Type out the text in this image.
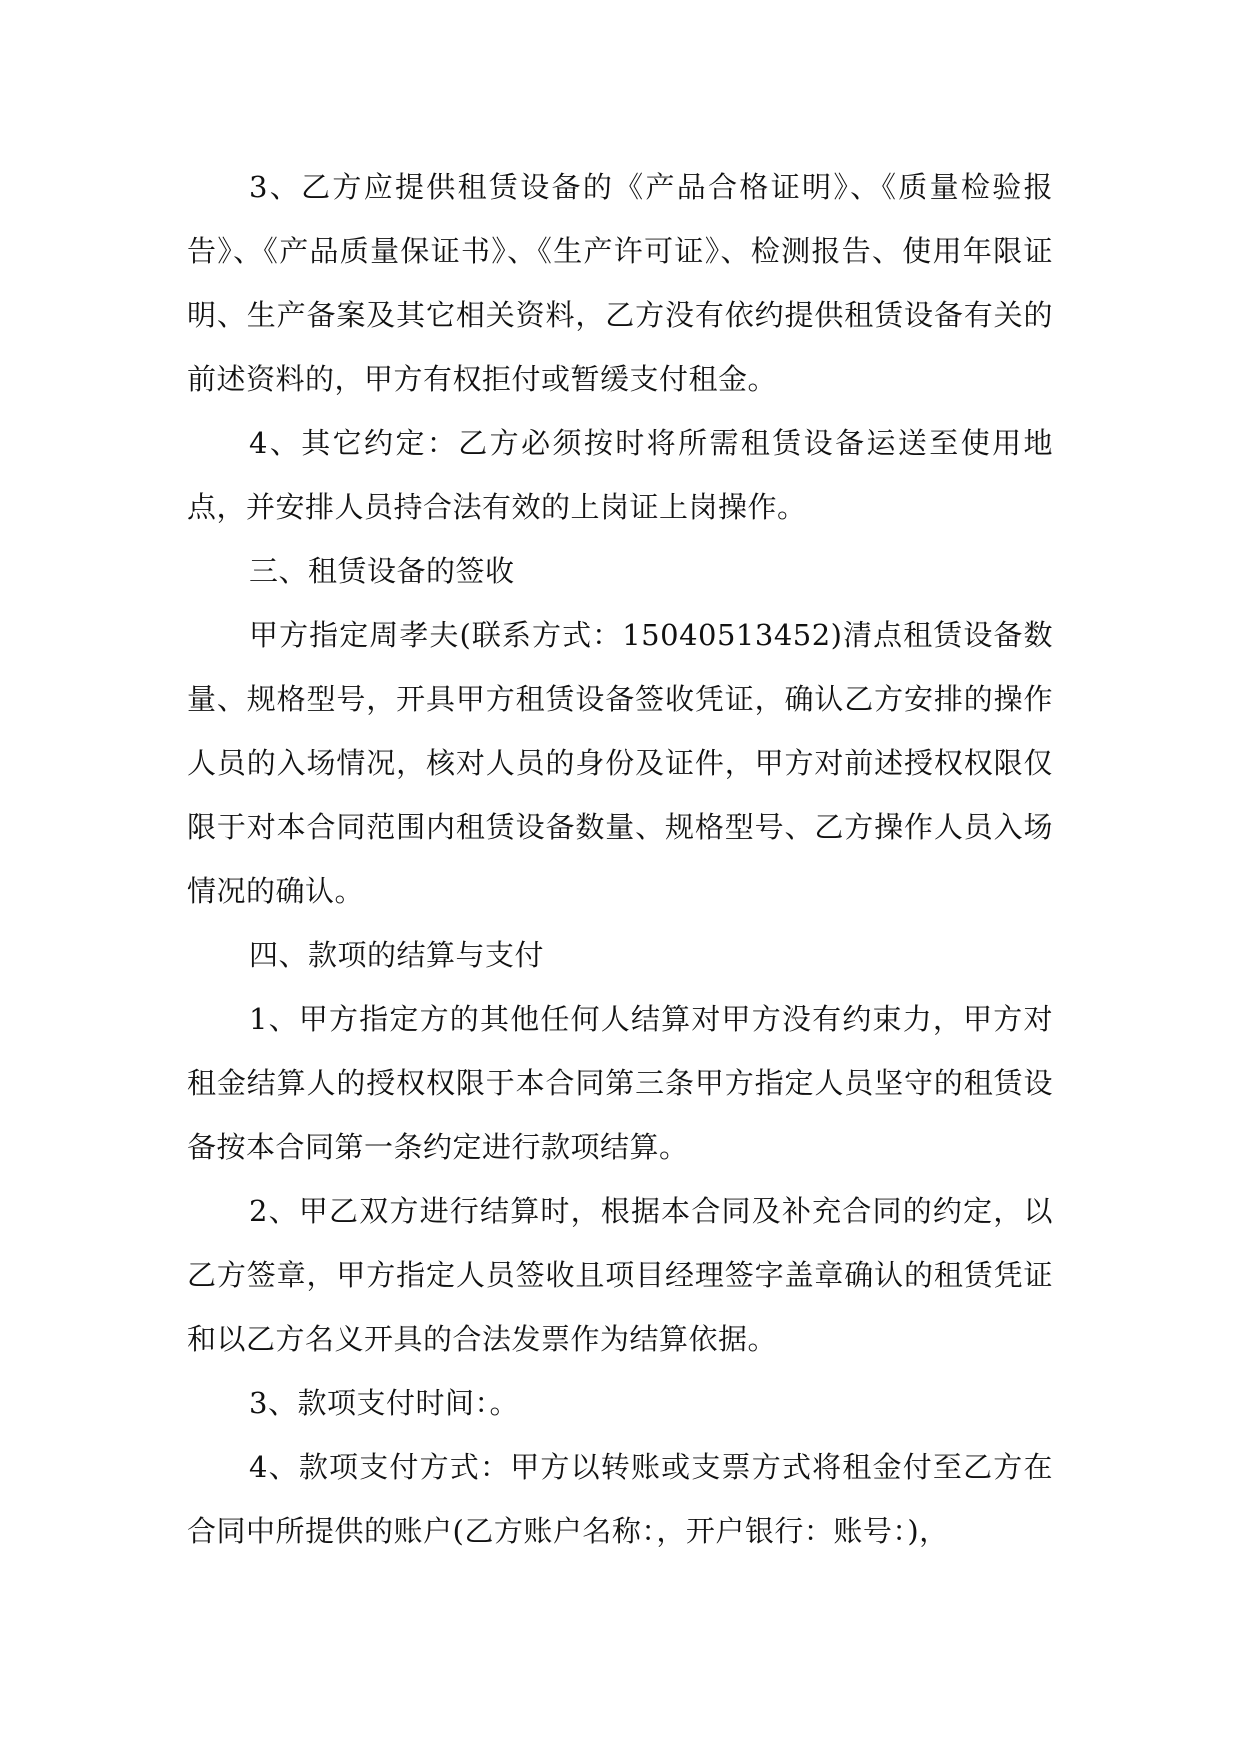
3、乙方应提供租赁设备的《产品合格证明》、《质量检验报告》、《产品质量保证书》、《生产许可证》、检测报告、使用年限证明、生产备案及其它相关资料，乙方没有依约提供租赁设备有关的前述资料的，甲方有权拒付或暂缓支付租金。

4、其它约定：乙方必须按时将所需租赁设备运送至使用地点，并安排人员持合法有效的上岗证上岗操作。

三、租赁设备的签收

甲方指定周孝夫(联系方式：15040513452)清点租赁设备数量、规格型号，开具甲方租赁设备签收凭证，确认乙方安排的操作人员的入场情况，核对人员的身份及证件，甲方对前述授权权限仅限于对本合同范围内租赁设备数量、规格型号、乙方操作人员入场情况的确认。

四、款项的结算与支付

1、甲方指定方的其他任何人结算对甲方没有约束力，甲方对租金结算人的授权权限于本合同第三条甲方指定人员坚守的租赁设备按本合同第一条约定进行款项结算。

2、甲乙双方进行结算时，根据本合同及补充合同的约定，以乙方签章，甲方指定人员签收且项目经理签字盖章确认的租赁凭证和以乙方名义开具的合法发票作为结算依据。

3、款项支付时间：。

4、款项支付方式：甲方以转账或支票方式将租金付至乙方在合同中所提供的账户(乙方账户名称：，开户银行：账号：)，
